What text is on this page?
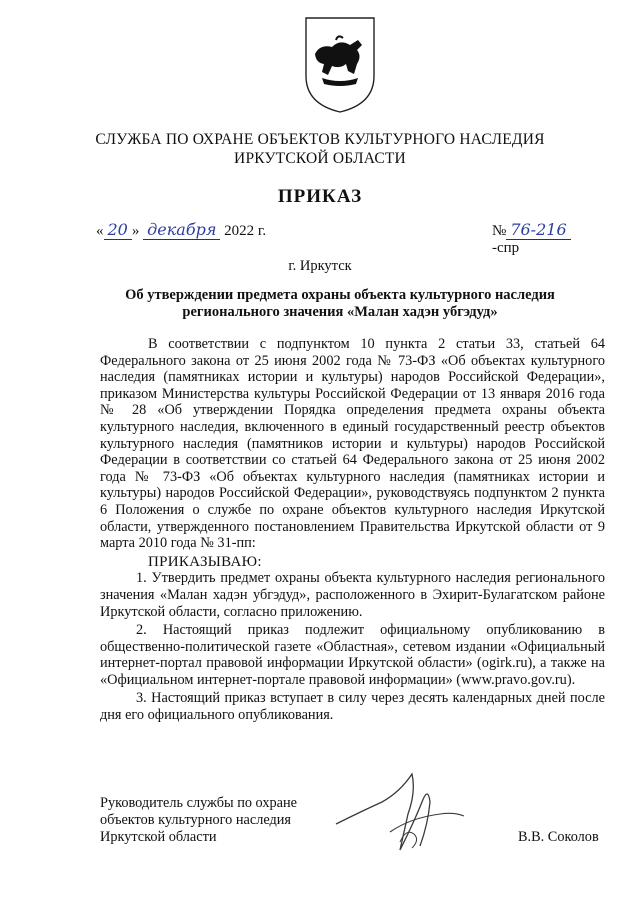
СЛУЖБА ПО ОХРАНЕ ОБЪЕКТОВ КУЛЬТУРНОГО НАСЛЕДИЯ
ИРКУТСКОЙ ОБЛАСТИ
ПРИКАЗ
« 20 » декабря 2022 г.	№ 76-216 -спр
г. Иркутск
Об утверждении предмета охраны объекта культурного наследия
регионального значения «Малан хадэн убгэдуд»

В соответствии с подпунктом 10 пункта 2 статьи 33, статьей 64 Федерального закона от 25 июня 2002 года № 73-ФЗ «Об объектах культурного наследия (памятниках истории и культуры) народов Российской Федерации», приказом Министерства культуры Российской Федерации от 13 января 2016 года № 28 «Об утверждении Порядка определения предмета охраны объекта культурного наследия, включенного в единый государственный реестр объектов культурного наследия (памятников истории и культуры) народов Российской Федерации в соответствии со статьей 64 Федерального закона от 25 июня 2002 года № 73-ФЗ «Об объектах культурного наследия (памятниках истории и культуры) народов Российской Федерации», руководствуясь подпунктом 2 пункта 6 Положения о службе по охране объектов культурного наследия Иркутской области, утвержденного постановлением Правительства Иркутской области от 9 марта 2010 года № 31-пп:

ПРИКАЗЫВАЮ:

1. Утвердить предмет охраны объекта культурного наследия регионального значения «Малан хадэн убгэдуд», расположенного в Эхирит-Булагатском районе Иркутской области, согласно приложению.

2. Настоящий приказ подлежит официальному опубликованию в общественно-политической газете «Областная», сетевом издании «Официальный интернет-портал правовой информации Иркутской области» (ogirk.ru), а также на «Официальном интернет-портале правовой информации» (www.pravo.gov.ru).

3. Настоящий приказ вступает в силу через десять календарных дней после дня его официального опубликования.

Руководитель службы по охране
объектов культурного наследия
Иркутской области	В.В. Соколов
